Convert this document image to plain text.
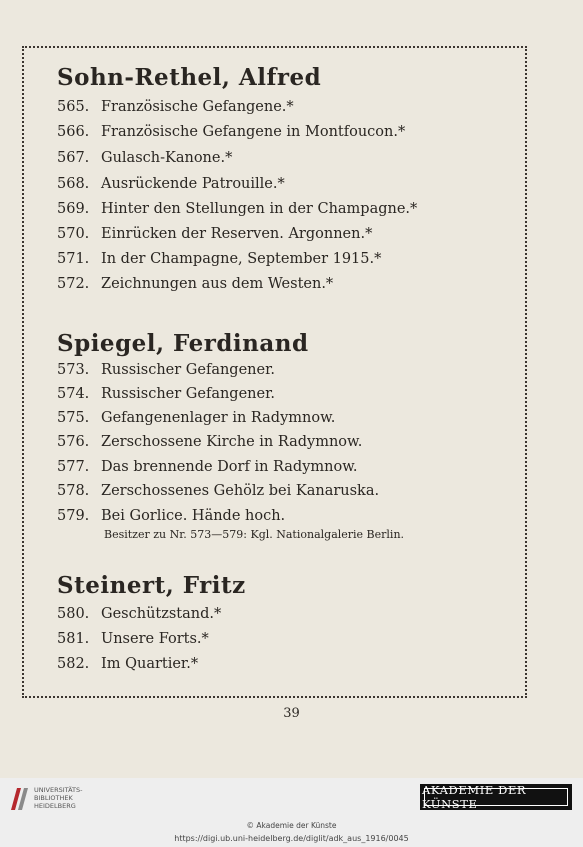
Sohn-Rethel, Alfred
565. Französische Gefangene.*
566. Französische Gefangene in Montfoucon.*
567. Gulasch-Kanone.*
568. Ausrückende Patrouille.*
569. Hinter den Stellungen in der Champagne.*
570. Einrücken der Reserven. Argonnen.*
571. In der Champagne, September 1915.*
572. Zeichnungen aus dem Westen.*
Spiegel, Ferdinand
573. Russischer Gefangener.
574. Russischer Gefangener.
575. Gefangenenlager in Radymnow.
576. Zerschossene Kirche in Radymnow.
577. Das brennende Dorf in Radymnow.
578. Zerschossenes Gehölz bei Kanaruska.
579. Bei Gorlice. Hände hoch.
Besitzer zu Nr. 573—579: Kgl. Nationalgalerie Berlin.
Steinert, Fritz
580. Geschützstand.*
581. Unsere Forts.*
582. Im Quartier.*
39
UNIVERSITÄTS-
BIBLIOTHEK
HEIDELBERG
AKADEMIE DER KÜNSTE
© Akademie der Künste
https://digi.ub.uni-heidelberg.de/diglit/adk_aus_1916/0045
